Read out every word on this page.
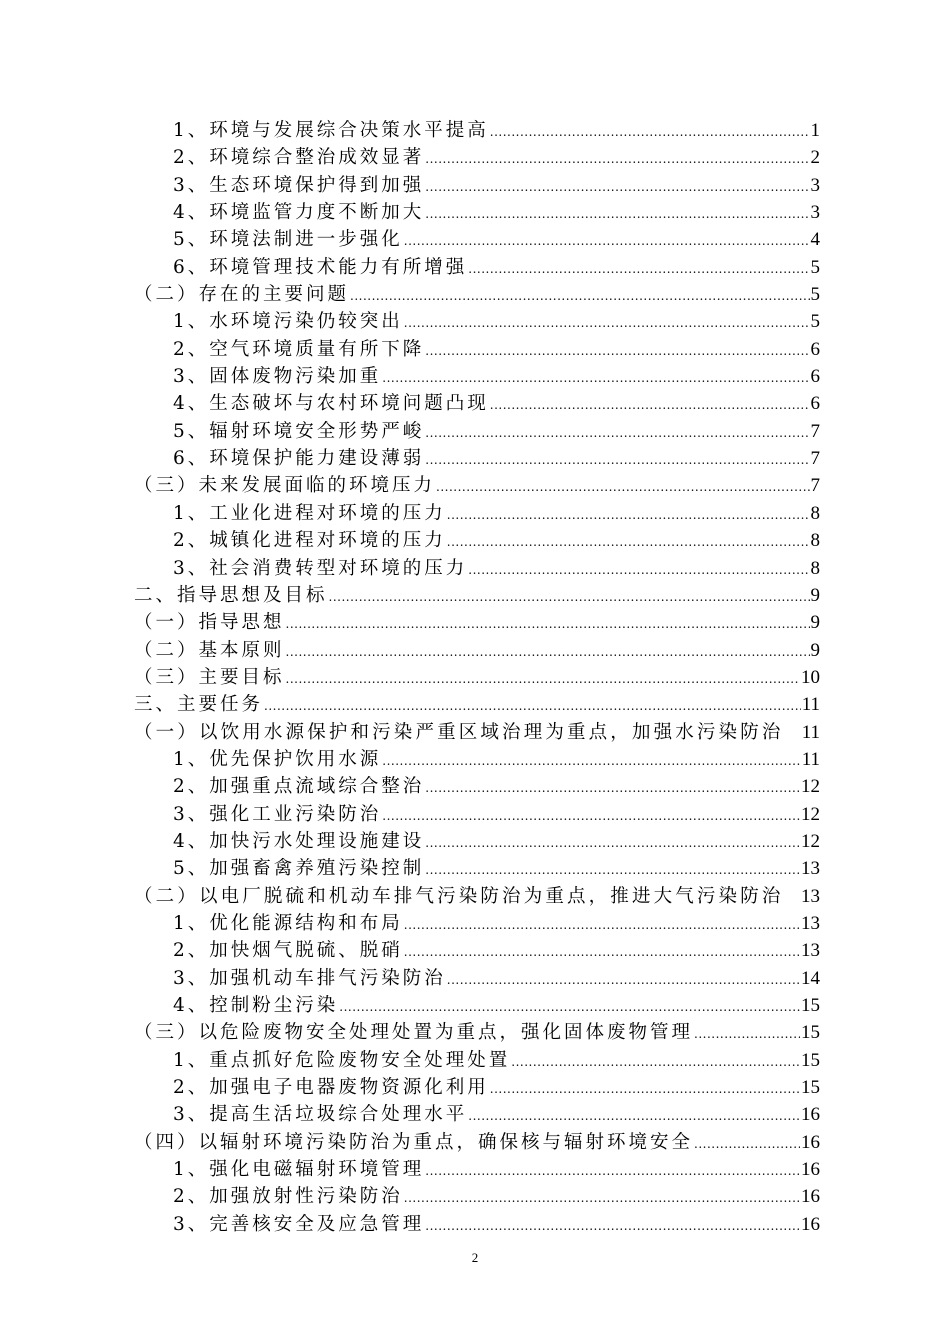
1、环境与发展综合决策水平提高 .....	1
2、环境综合整治成效显著 .....	2
3、生态环境保护得到加强 .....	3
4、环境监管力度不断加大 .....	3
5、环境法制进一步强化 .....	4
6、环境管理技术能力有所增强 .....	5
（二）存在的主要问题 .....	5
1、水环境污染仍较突出 .....	5
2、空气环境质量有所下降 .....	6
3、固体废物污染加重 .....	6
4、生态破坏与农村环境问题凸现 .....	6
5、辐射环境安全形势严峻 .....	7
6、环境保护能力建设薄弱 .....	7
（三）未来发展面临的环境压力 .....	7
1、工业化进程对环境的压力 .....	8
2、城镇化进程对环境的压力 .....	8
3、社会消费转型对环境的压力 .....	8
二、指导思想及目标 .....	9
（一）指导思想 .....	9
（二）基本原则 .....	9
（三）主要目标 .....	10
三、主要任务 .....	11
（一）以饮用水源保护和污染严重区域治理为重点，加强水污染防治 11
1、优先保护饮用水源 .....	11
2、加强重点流域综合整治 .....	12
3、强化工业污染防治 .....	12
4、加快污水处理设施建设 .....	12
5、加强畜禽养殖污染控制 .....	13
（二）以电厂脱硫和机动车排气污染防治为重点，推进大气污染防治 13
1、优化能源结构和布局 .....	13
2、加快烟气脱硫、脱硝 .....	13
3、加强机动车排气污染防治 .....	14
4、控制粉尘污染 .....	15
（三）以危险废物安全处理处置为重点，强化固体废物管理 .....	15
1、重点抓好危险废物安全处理处置 .....	15
2、加强电子电器废物资源化利用 .....	15
3、提高生活垃圾综合处理水平 .....	16
（四）以辐射环境污染防治为重点，确保核与辐射环境安全 .....	16
1、强化电磁辐射环境管理 .....	16
2、加强放射性污染防治 .....	16
3、完善核安全及应急管理 .....	16
2
